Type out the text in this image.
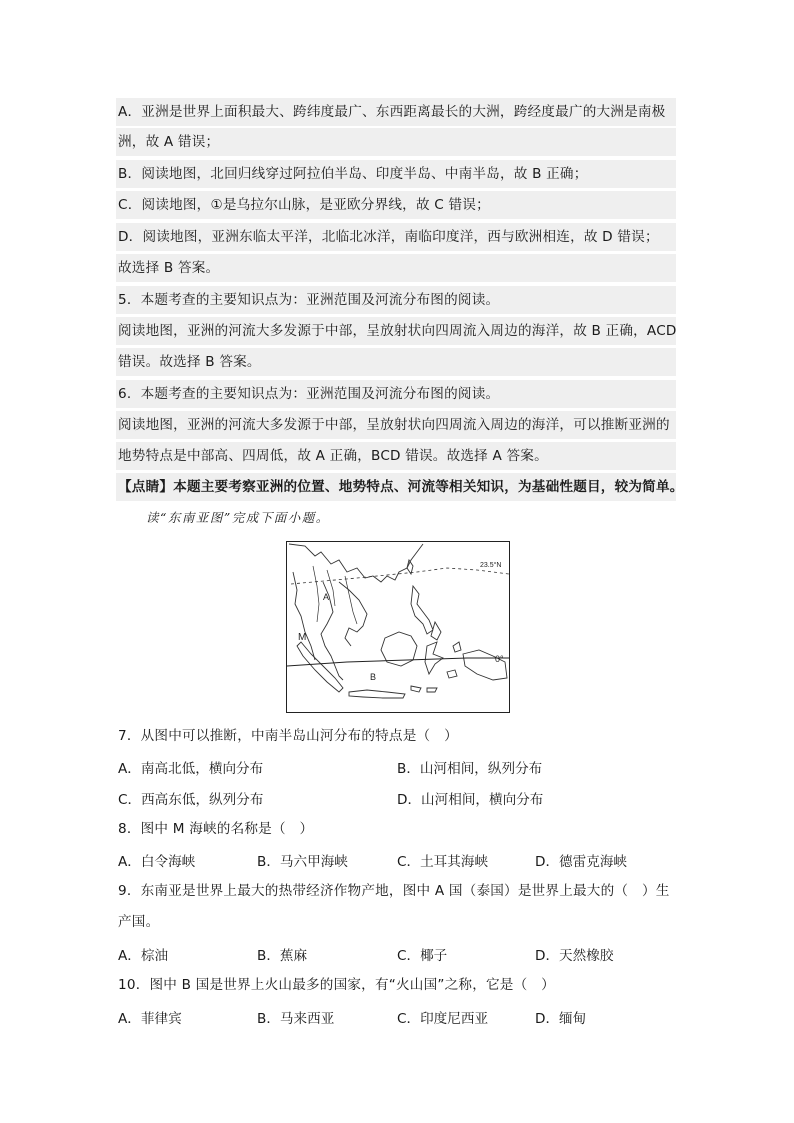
A．亚洲是世界上面积最大、跨纬度最广、东西距离最长的大洲，跨经度最广的大洲是南极
洲，故 A 错误；
B．阅读地图，北回归线穿过阿拉伯半岛、印度半岛、中南半岛，故 B 正确；
C．阅读地图，①是乌拉尔山脉，是亚欧分界线，故 C 错误；
D．阅读地图，亚洲东临太平洋，北临北冰洋，南临印度洋，西与欧洲相连，故 D 错误；
故选择 B 答案。
5．本题考查的主要知识点为：亚洲范围及河流分布图的阅读。
阅读地图，亚洲的河流大多发源于中部，呈放射状向四周流入周边的海洋，故 B 正确，ACD
错误。故选择 B 答案。
6．本题考查的主要知识点为：亚洲范围及河流分布图的阅读。
阅读地图，亚洲的河流大多发源于中部，呈放射状向四周流入周边的海洋，可以推断亚洲的
地势特点是中部高、四周低，故 A 正确，BCD 错误。故选择 A 答案。
【点睛】本题主要考察亚洲的位置、地势特点、河流等相关知识，为基础性题目，较为简单。
读“东南亚图”完成下面小题。
23.5°N
0°
A
M
B
7．从图中可以推断，中南半岛山河分布的特点是（　）
A．南高北低，横向分布	B．山河相间，纵列分布
C．西高东低，纵列分布	D．山河相间，横向分布
8．图中 M 海峡的名称是（　）
A．白令海峡	B．马六甲海峡	C．土耳其海峡	D．德雷克海峡
9．东南亚是世界上最大的热带经济作物产地，图中 A 国（泰国）是世界上最大的（　）生
产国。
A．棕油	B．蕉麻	C．椰子	D．天然橡胶
10．图中 B 国是世界上火山最多的国家，有“火山国”之称，它是（　）
A．菲律宾	B．马来西亚	C．印度尼西亚	D．缅甸
